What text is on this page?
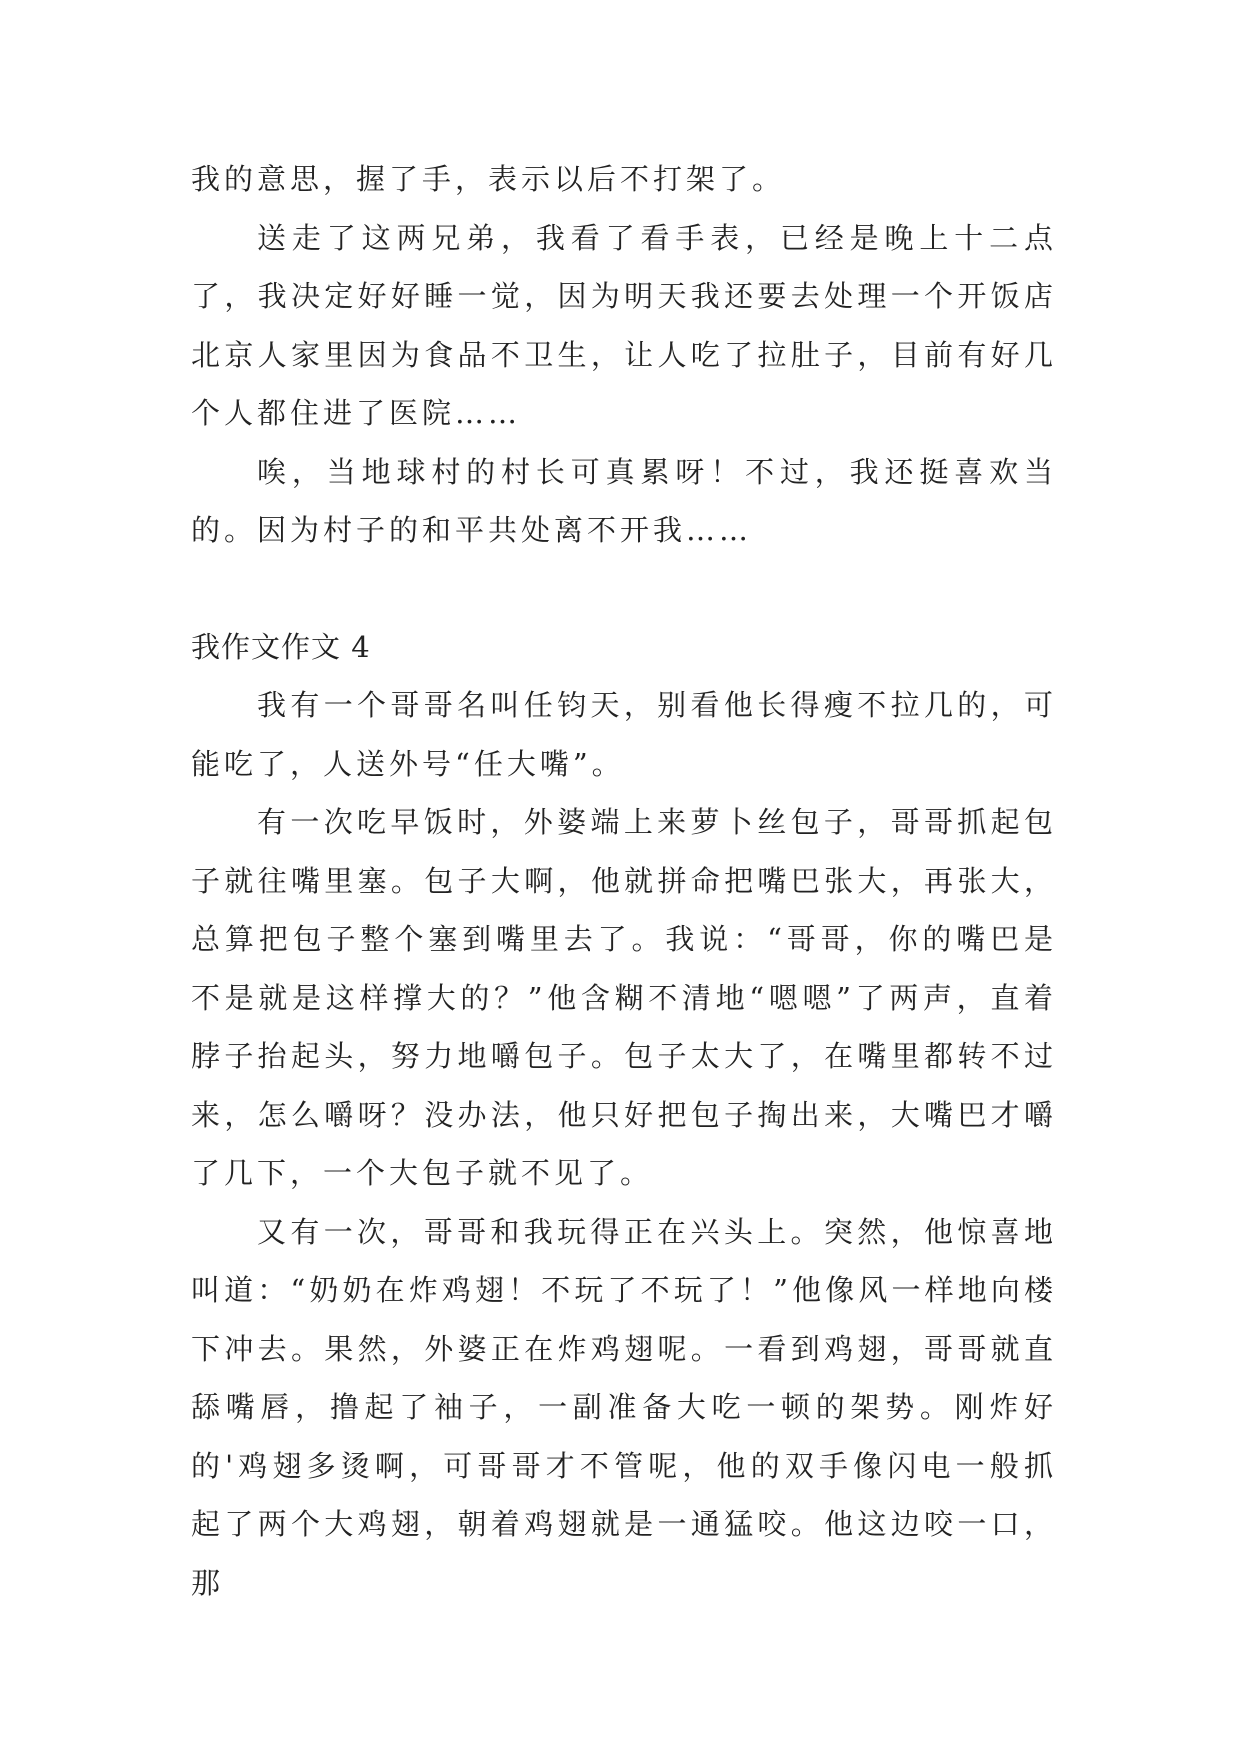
我的意思，握了手，表示以后不打架了。

送走了这两兄弟，我看了看手表，已经是晚上十二点了，我决定好好睡一觉，因为明天我还要去处理一个开饭店北京人家里因为食品不卫生，让人吃了拉肚子，目前有好几个人都住进了医院……

唉，当地球村的村长可真累呀！不过，我还挺喜欢当的。因为村子的和平共处离不开我……

我作文作文 4

我有一个哥哥名叫任钧天，别看他长得瘦不拉几的，可能吃了，人送外号“任大嘴”。

有一次吃早饭时，外婆端上来萝卜丝包子，哥哥抓起包子就往嘴里塞。包子大啊，他就拼命把嘴巴张大，再张大，总算把包子整个塞到嘴里去了。我说：“哥哥，你的嘴巴是不是就是这样撑大的？”他含糊不清地“嗯嗯”了两声，直着脖子抬起头，努力地嚼包子。包子太大了，在嘴里都转不过来，怎么嚼呀？没办法，他只好把包子掏出来，大嘴巴才嚼了几下，一个大包子就不见了。

又有一次，哥哥和我玩得正在兴头上。突然，他惊喜地叫道：“奶奶在炸鸡翅！不玩了不玩了！”他像风一样地向楼下冲去。果然，外婆正在炸鸡翅呢。一看到鸡翅，哥哥就直舔嘴唇，撸起了袖子，一副准备大吃一顿的架势。刚炸好的'鸡翅多烫啊，可哥哥才不管呢，他的双手像闪电一般抓起了两个大鸡翅，朝着鸡翅就是一通猛咬。他这边咬一口，那
